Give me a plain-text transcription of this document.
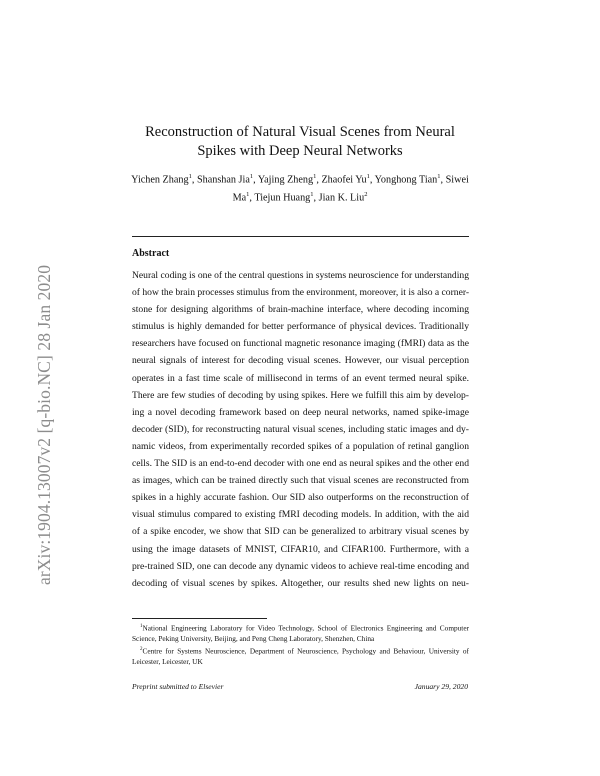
arXiv:1904.13007v2 [q-bio.NC] 28 Jan 2020
Reconstruction of Natural Visual Scenes from Neural
Spikes with Deep Neural Networks
Yichen Zhang$^1$, Shanshan Jia$^1$, Yajing Zheng$^1$, Zhaofei Yu$^1$, Yonghong Tian$^1$, Siwei Ma$^1$, Tiejun Huang$^1$, Jian K. Liu$^2$
Abstract
Neural coding is one of the central questions in systems neuroscience for understanding
of how the brain processes stimulus from the environment, moreover, it is also a corner-
stone for designing algorithms of brain-machine interface, where decoding incoming
stimulus is highly demanded for better performance of physical devices. Traditionally
researchers have focused on functional magnetic resonance imaging (fMRI) data as the
neural signals of interest for decoding visual scenes. However, our visual perception
operates in a fast time scale of millisecond in terms of an event termed neural spike.
There are few studies of decoding by using spikes. Here we fulfill this aim by develop-
ing a novel decoding framework based on deep neural networks, named spike-image
decoder (SID), for reconstructing natural visual scenes, including static images and dy-
namic videos, from experimentally recorded spikes of a population of retinal ganglion
cells. The SID is an end-to-end decoder with one end as neural spikes and the other end
as images, which can be trained directly such that visual scenes are reconstructed from
spikes in a highly accurate fashion. Our SID also outperforms on the reconstruction of
visual stimulus compared to existing fMRI decoding models. In addition, with the aid
of a spike encoder, we show that SID can be generalized to arbitrary visual scenes by
using the image datasets of MNIST, CIFAR10, and CIFAR100. Furthermore, with a
pre-trained SID, one can decode any dynamic videos to achieve real-time encoding and
decoding of visual scenes by spikes. Altogether, our results shed new lights on neu-

$^1$National Engineering Laboratory for Video Technology, School of Electronics Engineering and Computer Science, Peking University, Beijing, and Peng Cheng Laboratory, Shenzhen, China

$^2$Centre for Systems Neuroscience, Department of Neuroscience, Psychology and Behaviour, University of Leicester, Leicester, UK

Preprint submitted to Elsevier	January 29, 2020
